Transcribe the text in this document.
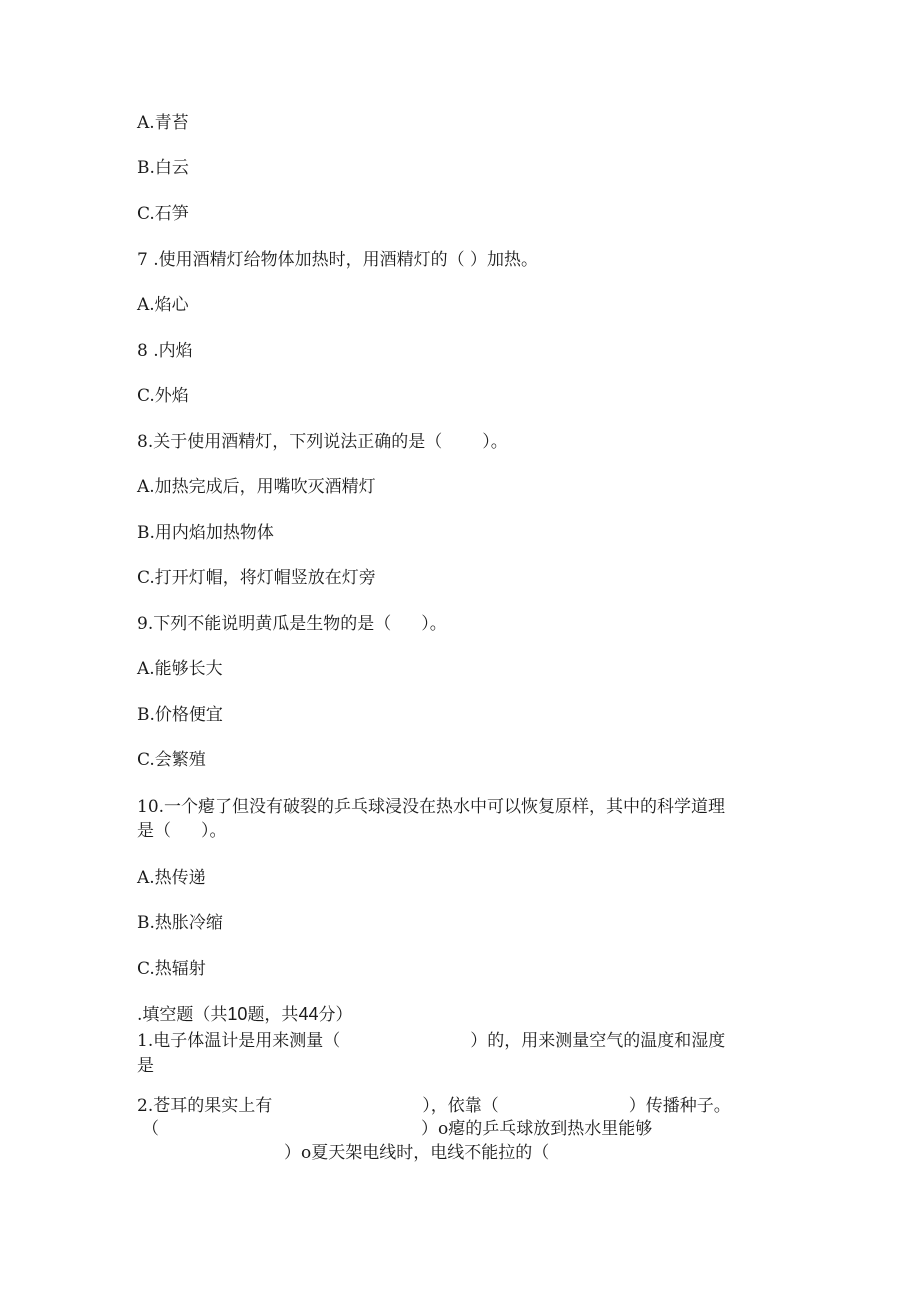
A.青苔
B.白云
C.石笋
7 .使用酒精灯给物体加热时，用酒精灯的（ ）加热。
A.焰心
8 .内焰
C.外焰
8.关于使用酒精灯，下列说法正确的是（ ）。
A.加热完成后，用嘴吹灭酒精灯
B.用内焰加热物体
C.打开灯帽，将灯帽竖放在灯旁
9.下列不能说明黄瓜是生物的是（ ）。
A.能够长大
B.价格便宜
C.会繁殖
10.一个瘪了但没有破裂的乒乓球浸没在热水中可以恢复原样，其中的科学道理
是（ ）。
A.热传递
B.热胀冷缩
C.热辐射
.填空题（共10题，共44分）
1.电子体温计是用来测量（	）的，用来测量空气的温度和湿度
是
2.苍耳的果实上有	），依靠（	）传播种子。
（	）o瘪的乒乓球放到热水里能够
）o夏天架电线时，电线不能拉的（
